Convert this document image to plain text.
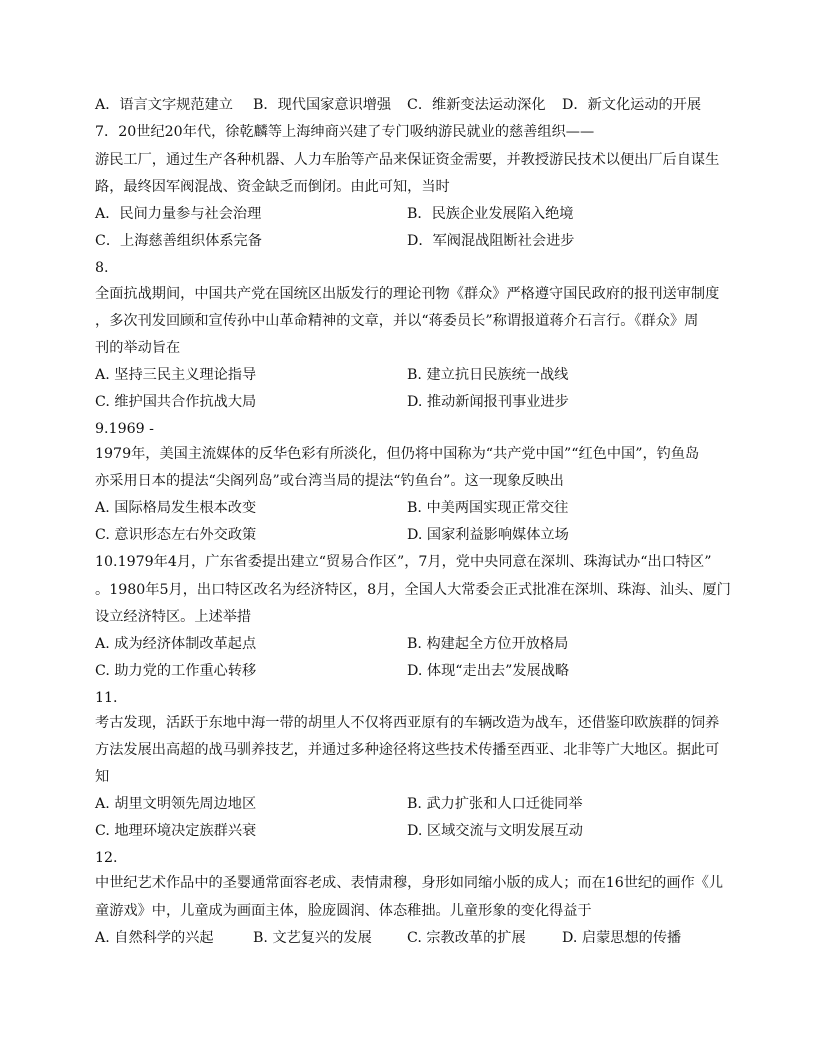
A．语言文字规范建立 B．现代国家意识增强 C．维新变法运动深化 D．新文化运动的开展
7．20世纪20年代，徐乾麟等上海绅商兴建了专门吸纳游民就业的慈善组织——
游民工厂，通过生产各种机器、人力车胎等产品来保证资金需要，并教授游民技术以便出厂后自谋生
路，最终因军阀混战、资金缺乏而倒闭。由此可知，当时
A．民间力量参与社会治理	B．民族企业发展陷入绝境
C．上海慈善组织体系完备	D．军阀混战阻断社会进步
8.
全面抗战期间，中国共产党在国统区出版发行的理论刊物《群众》严格遵守国民政府的报刊送审制度
，多次刊发回顾和宣传孙中山革命精神的文章，并以“蒋委员长”称谓报道蒋介石言行。《群众》周
刊的举动旨在
A. 坚持三民主义理论指导	B. 建立抗日民族统一战线
C. 维护国共合作抗战大局	D. 推动新闻报刊事业进步
9.1969 -
1979年，美国主流媒体的反华色彩有所淡化，但仍将中国称为“共产党中国”“红色中国”，钓鱼岛
亦采用日本的提法“尖阁列岛”或台湾当局的提法“钓鱼台”。这一现象反映出
A. 国际格局发生根本改变	B. 中美两国实现正常交往
C. 意识形态左右外交政策	D. 国家利益影响媒体立场
10.1979年4月，广东省委提出建立“贸易合作区”，7月，党中央同意在深圳、珠海试办“出口特区”
。1980年5月，出口特区改名为经济特区，8月，全国人大常委会正式批准在深圳、珠海、汕头、厦门
设立经济特区。上述举措
A. 成为经济体制改革起点	B. 构建起全方位开放格局
C. 助力党的工作重心转移	D. 体现“走出去”发展战略
11.
考古发现，活跃于东地中海一带的胡里人不仅将西亚原有的车辆改造为战车，还借鉴印欧族群的饲养
方法发展出高超的战马驯养技艺，并通过多种途径将这些技术传播至西亚、北非等广大地区。据此可
知
A. 胡里文明领先周边地区	B. 武力扩张和人口迁徙同举
C. 地理环境决定族群兴衰	D. 区域交流与文明发展互动
12.
中世纪艺术作品中的圣婴通常面容老成、表情肃穆，身形如同缩小版的成人；而在16世纪的画作《儿
童游戏》中，儿童成为画面主体，脸庞圆润、体态稚拙。儿童形象的变化得益于
A. 自然科学的兴起	B. 文艺复兴的发展 C. 宗教改革的扩展	D. 启蒙思想的传播
